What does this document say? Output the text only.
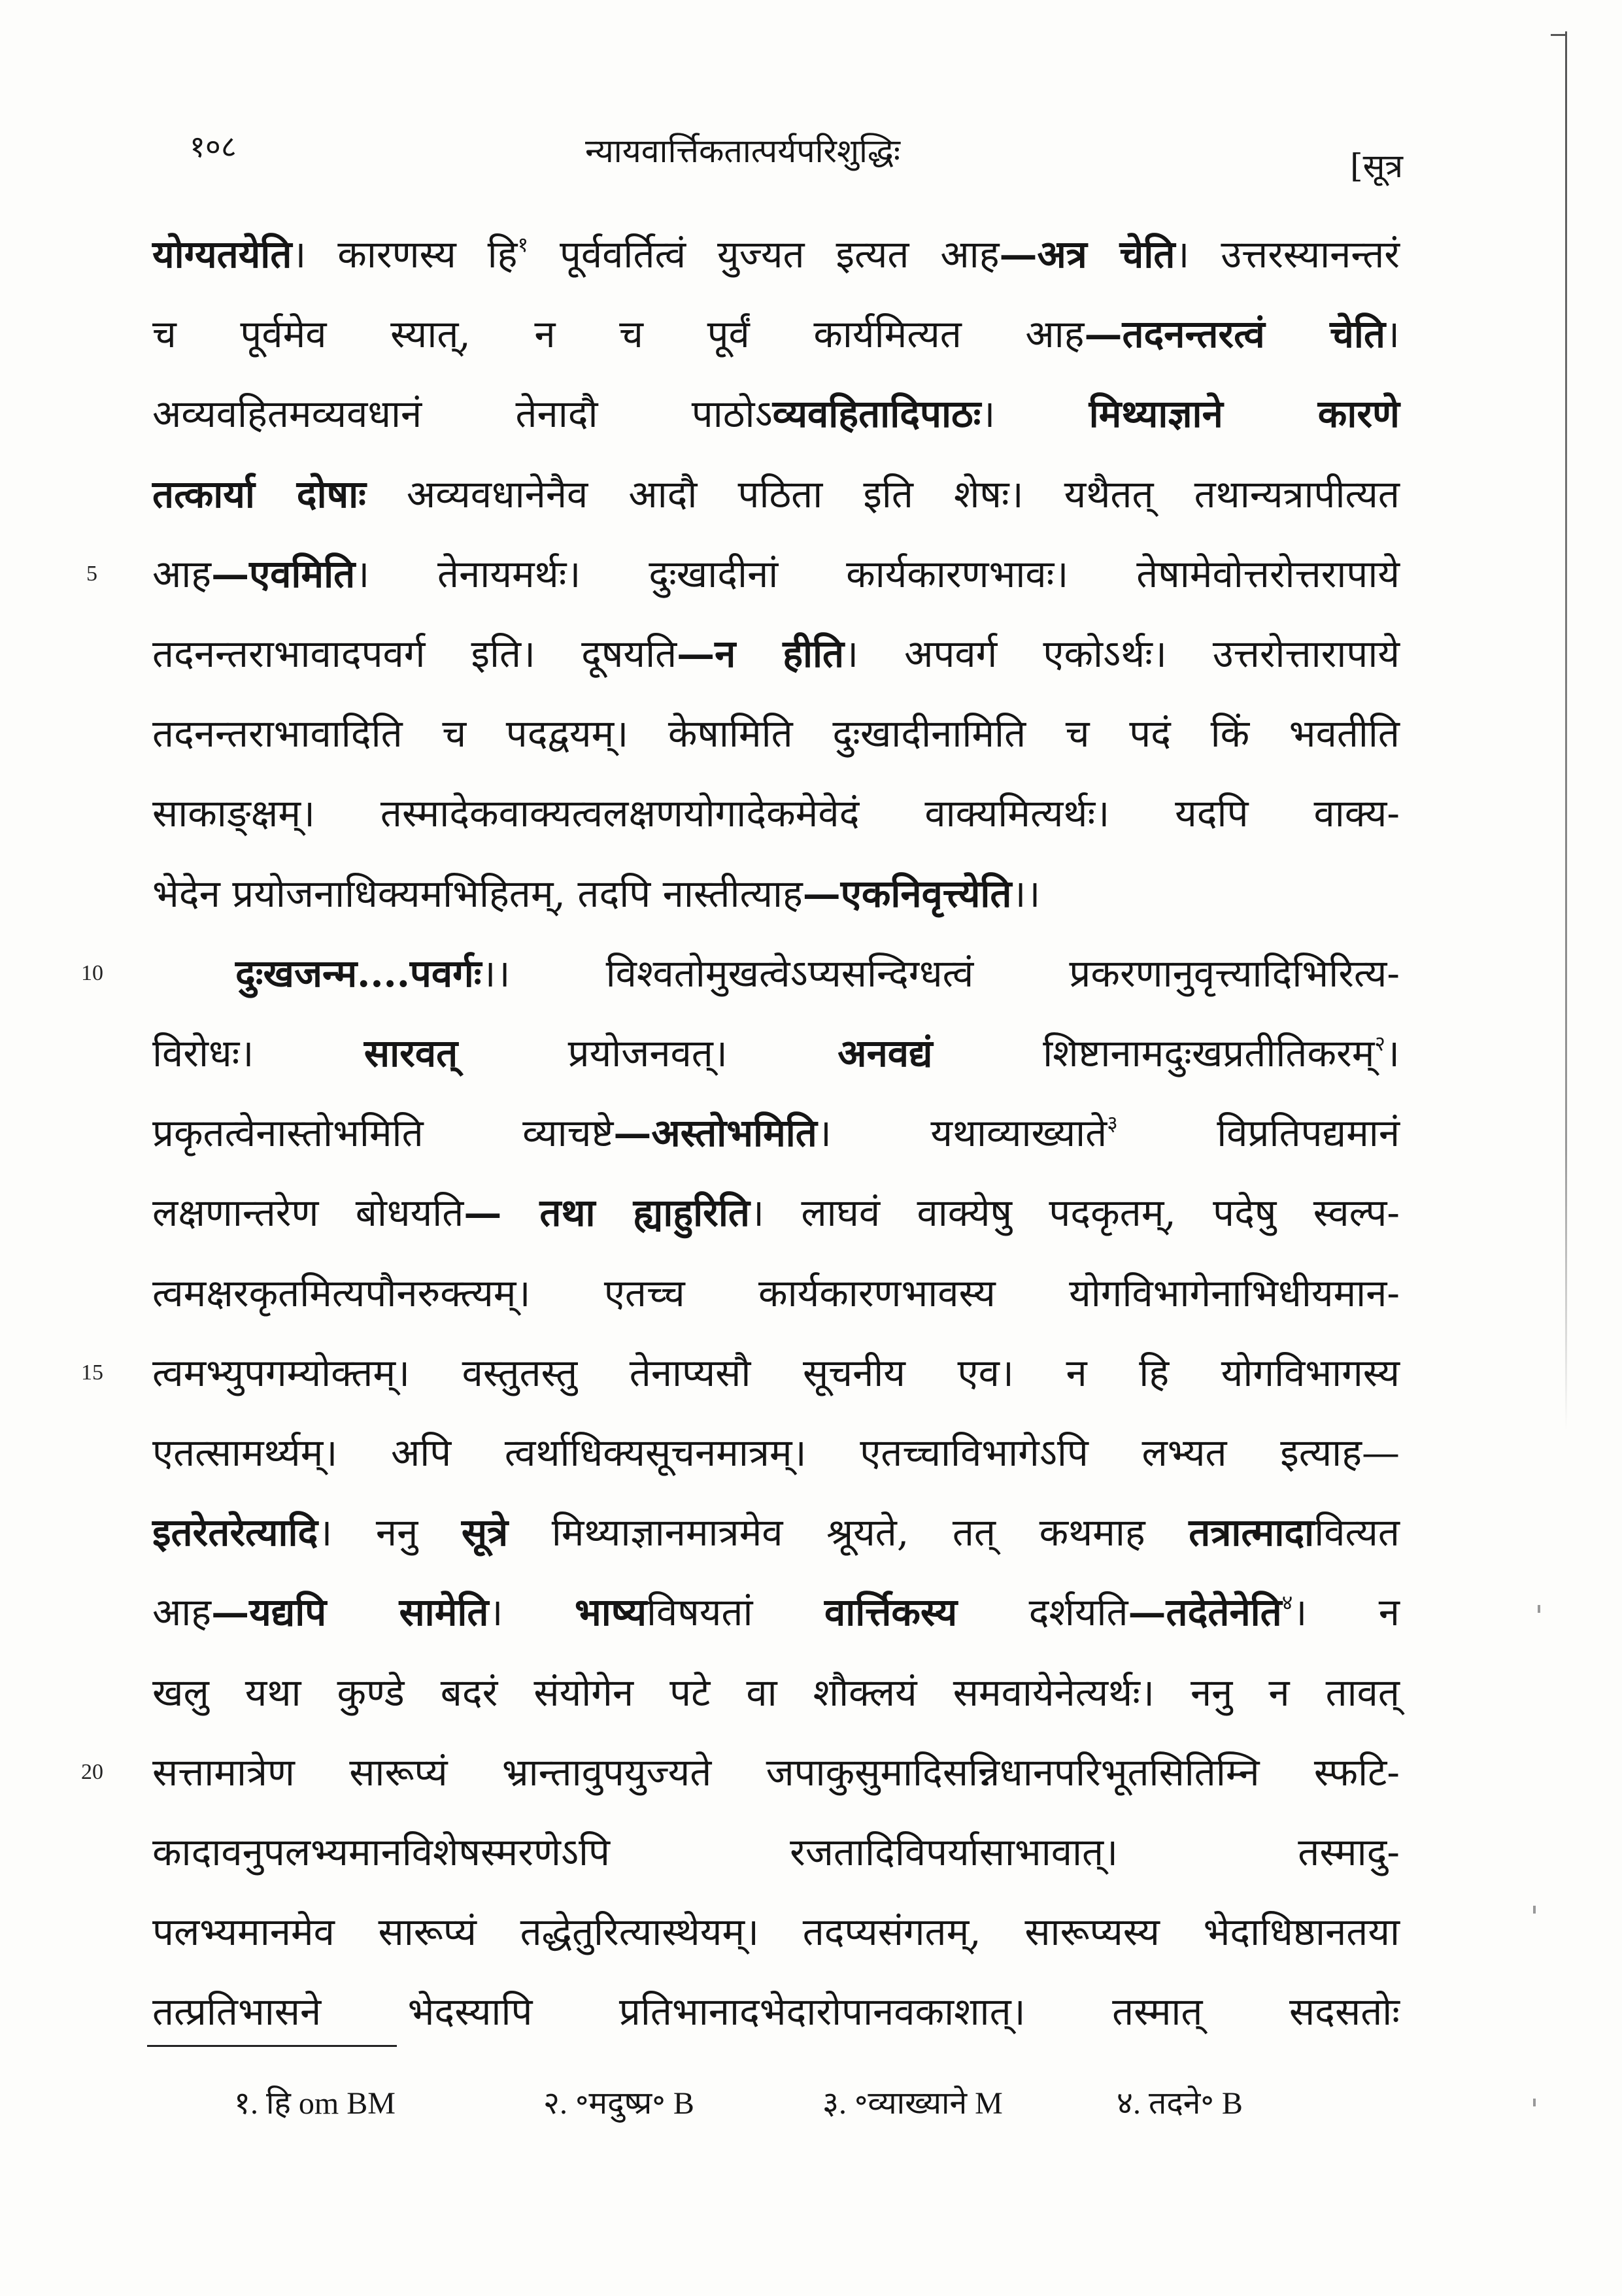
१०८	न्यायवार्त्तिकतात्पर्यपरिशुद्धिः	[सूत्र
योग्यतयेति। कारणस्य हि$^१$ पूर्ववर्तित्वं युज्यत इत्यत आह—अत्र चेति। उत्तरस्यानन्तरं
च पूर्वमेव स्यात्, न च पूर्वं कार्यमित्यत आह—तदनन्तरत्वं चेति।
अव्यवहितमव्यवधानं तेनादौ पाठोऽव्यवहितादिपाठः। मिथ्याज्ञाने कारणे
तत्कार्या दोषाः अव्यवधानेनैव आदौ पठिता इति शेषः। यथैतत् तथान्यत्रापीत्यत
आह—एवमिति। तेनायमर्थः। दुःखादीनां कार्यकारणभावः। तेषामेवोत्तरोत्तरापाये
तदनन्तराभावादपवर्ग इति। दूषयति—न हीति। अपवर्ग एकोऽर्थः। उत्तरोत्तारापाये
तदनन्तराभावादिति च पदद्वयम्। केषामिति दुःखादीनामिति च पदं किं भवतीति
साकाङ्क्षम्। तस्मादेकवाक्यत्वलक्षणयोगादेकमेवेदं वाक्यमित्यर्थः। यदपि वाक्य-
भेदेन प्रयोजनाधिक्यमभिहितम्, तदपि नास्तीत्याह—एकनिवृत्त्येति।।
दुःखजन्म....पवर्गः।। विश्वतोमुखत्वेऽप्यसन्दिग्धत्वं प्रकरणानुवृत्त्यादिभिरित्य-
विरोधः। सारवत् प्रयोजनवत्। अनवद्यं शिष्टानामदुःखप्रतीतिकरम्$^२$।
प्रकृतत्वेनास्तोभमिति व्याचष्टे—अस्तोभमिति। यथाव्याख्याते$^३$ विप्रतिपद्यमानं
लक्षणान्तरेण बोधयति— तथा ह्याहुरिति। लाघवं वाक्येषु पदकृतम्, पदेषु स्वल्प-
त्वमक्षरकृतमित्यपौनरुक्त्यम्। एतच्च कार्यकारणभावस्य योगविभागेनाभिधीयमान-
त्वमभ्युपगम्योक्तम्। वस्तुतस्तु तेनाप्यसौ सूचनीय एव। न हि योगविभागस्य
एतत्सामर्थ्यम्। अपि त्वर्थाधिक्यसूचनमात्रम्। एतच्चाविभागेऽपि लभ्यत इत्याह—
इतरेतरेत्यादि। ननु सूत्रे मिथ्याज्ञानमात्रमेव श्रूयते, तत् कथमाह तत्रात्मादावित्यत
आह—यद्यपि सामेति। भाष्यविषयतां वार्त्तिकस्य दर्शयति—तदेतेनेति$^४$। न
खलु यथा कुण्डे बदरं संयोगेन पटे वा शौक्लयं समवायेनेत्यर्थः। ननु न तावत्
सत्तामात्रेण सारूप्यं भ्रान्तावुपयुज्यते जपाकुसुमादिसन्निधानपरिभूतसितिम्नि स्फटि-
कादावनुपलभ्यमानविशेषस्मरणेऽपि रजतादिविपर्यासाभावात्। तस्मादु-
पलभ्यमानमेव सारूप्यं तद्धेतुरित्यास्थेयम्। तदप्यसंगतम्, सारूप्यस्य भेदाधिष्ठानतया
तत्प्रतिभासने भेदस्यापि प्रतिभानादभेदारोपानवकाशात्। तस्मात् सदसतोः
5
10
15
20
१. हि om BM	२. ॰मदुष्प्र॰ B	३. ॰व्याख्याने M	४. तदने॰ B
